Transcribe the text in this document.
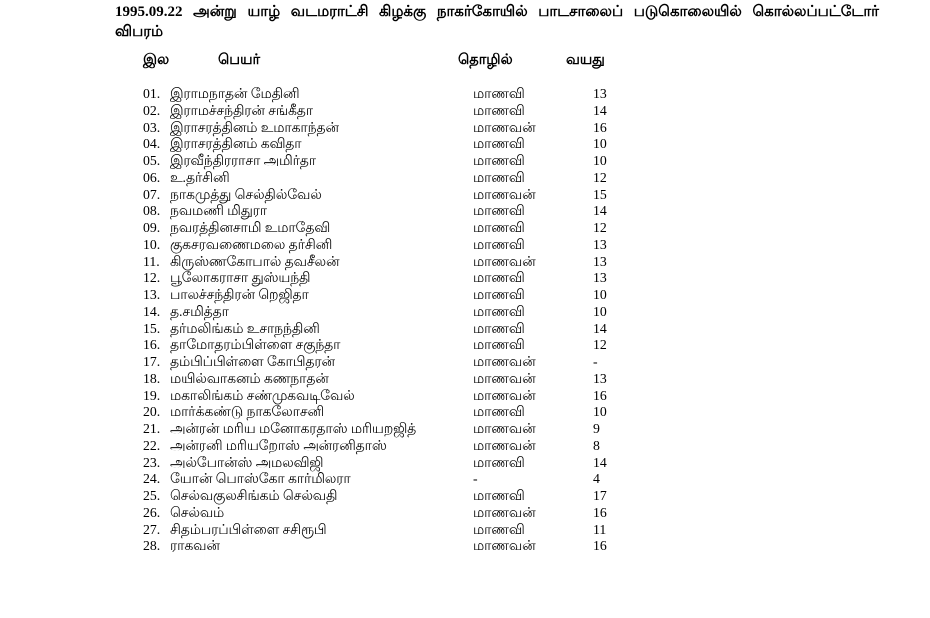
1995.09.22 அன்று யாழ் வடமராட்சி கிழக்கு நாகர்கோயில் பாடசாலைப் படுகொலையில் கொல்லப்பட்டோர்
விபரம்
இல	பெயர்	தொழில்	வயது
01. இராமநாதன் மேதினி	மாணவி	13
02. இராமச்சந்திரன் சங்கீதா	மாணவி	14
03. இராசரத்தினம் உமாகாந்தன்	மாணவன்	16
04. இராசரத்தினம் கவிதா	மாணவி	10
05. இரவீந்திரராசா அமிர்தா	மாணவி	10
06. உ.தர்சினி	மாணவி	12
07. நாகமுத்து செல்தில்வேல்	மாணவன்	15
08. நவமணி மிதுரா	மாணவி	14
09. நவரத்தினசாமி உமாதேவி	மாணவி	12
10. குகசரவணைமலை தர்சினி	மாணவி	13
11. கிருஸ்ணகோபால் தவசீலன்	மாணவன்	13
12. பூலோகராசா துஸ்யந்தி	மாணவி	13
13. பாலச்சந்திரன் றெஜிதா	மாணவி	10
14. த.சமித்தா	மாணவி	10
15. தர்மலிங்கம் உசாநந்தினி	மாணவி	14
16. தாமோதரம்பிள்ளை சகுந்தா	மாணவி	12
17. தம்பிப்பிள்ளை கோபிதரன்	மாணவன்	-
18. மயில்வாகனம் கணநாதன்	மாணவன்	13
19. மகாலிங்கம் சண்முகவடிவேல்	மாணவன்	16
20. மார்க்கண்டு நாகலோசனி	மாணவி	10
21. அன்ரன் மரிய மனோகரதாஸ் மரியறஜித்	மாணவன்	9
22. அன்ரனி மரியறோஸ் அன்ரனிதாஸ்	மாணவன்	8
23. அல்போன்ஸ் அமலவிஜி	மாணவி	14
24. யோன் பொஸ்கோ கார்மிலரா	-	4
25. செல்வகுலசிங்கம் செல்வதி	மாணவி	17
26. செல்வம்	மாணவன்	16
27. சிதம்பரப்பிள்ளை சசிரூபி	மாணவி	11
28. ராகவன்	மாணவன்	16
